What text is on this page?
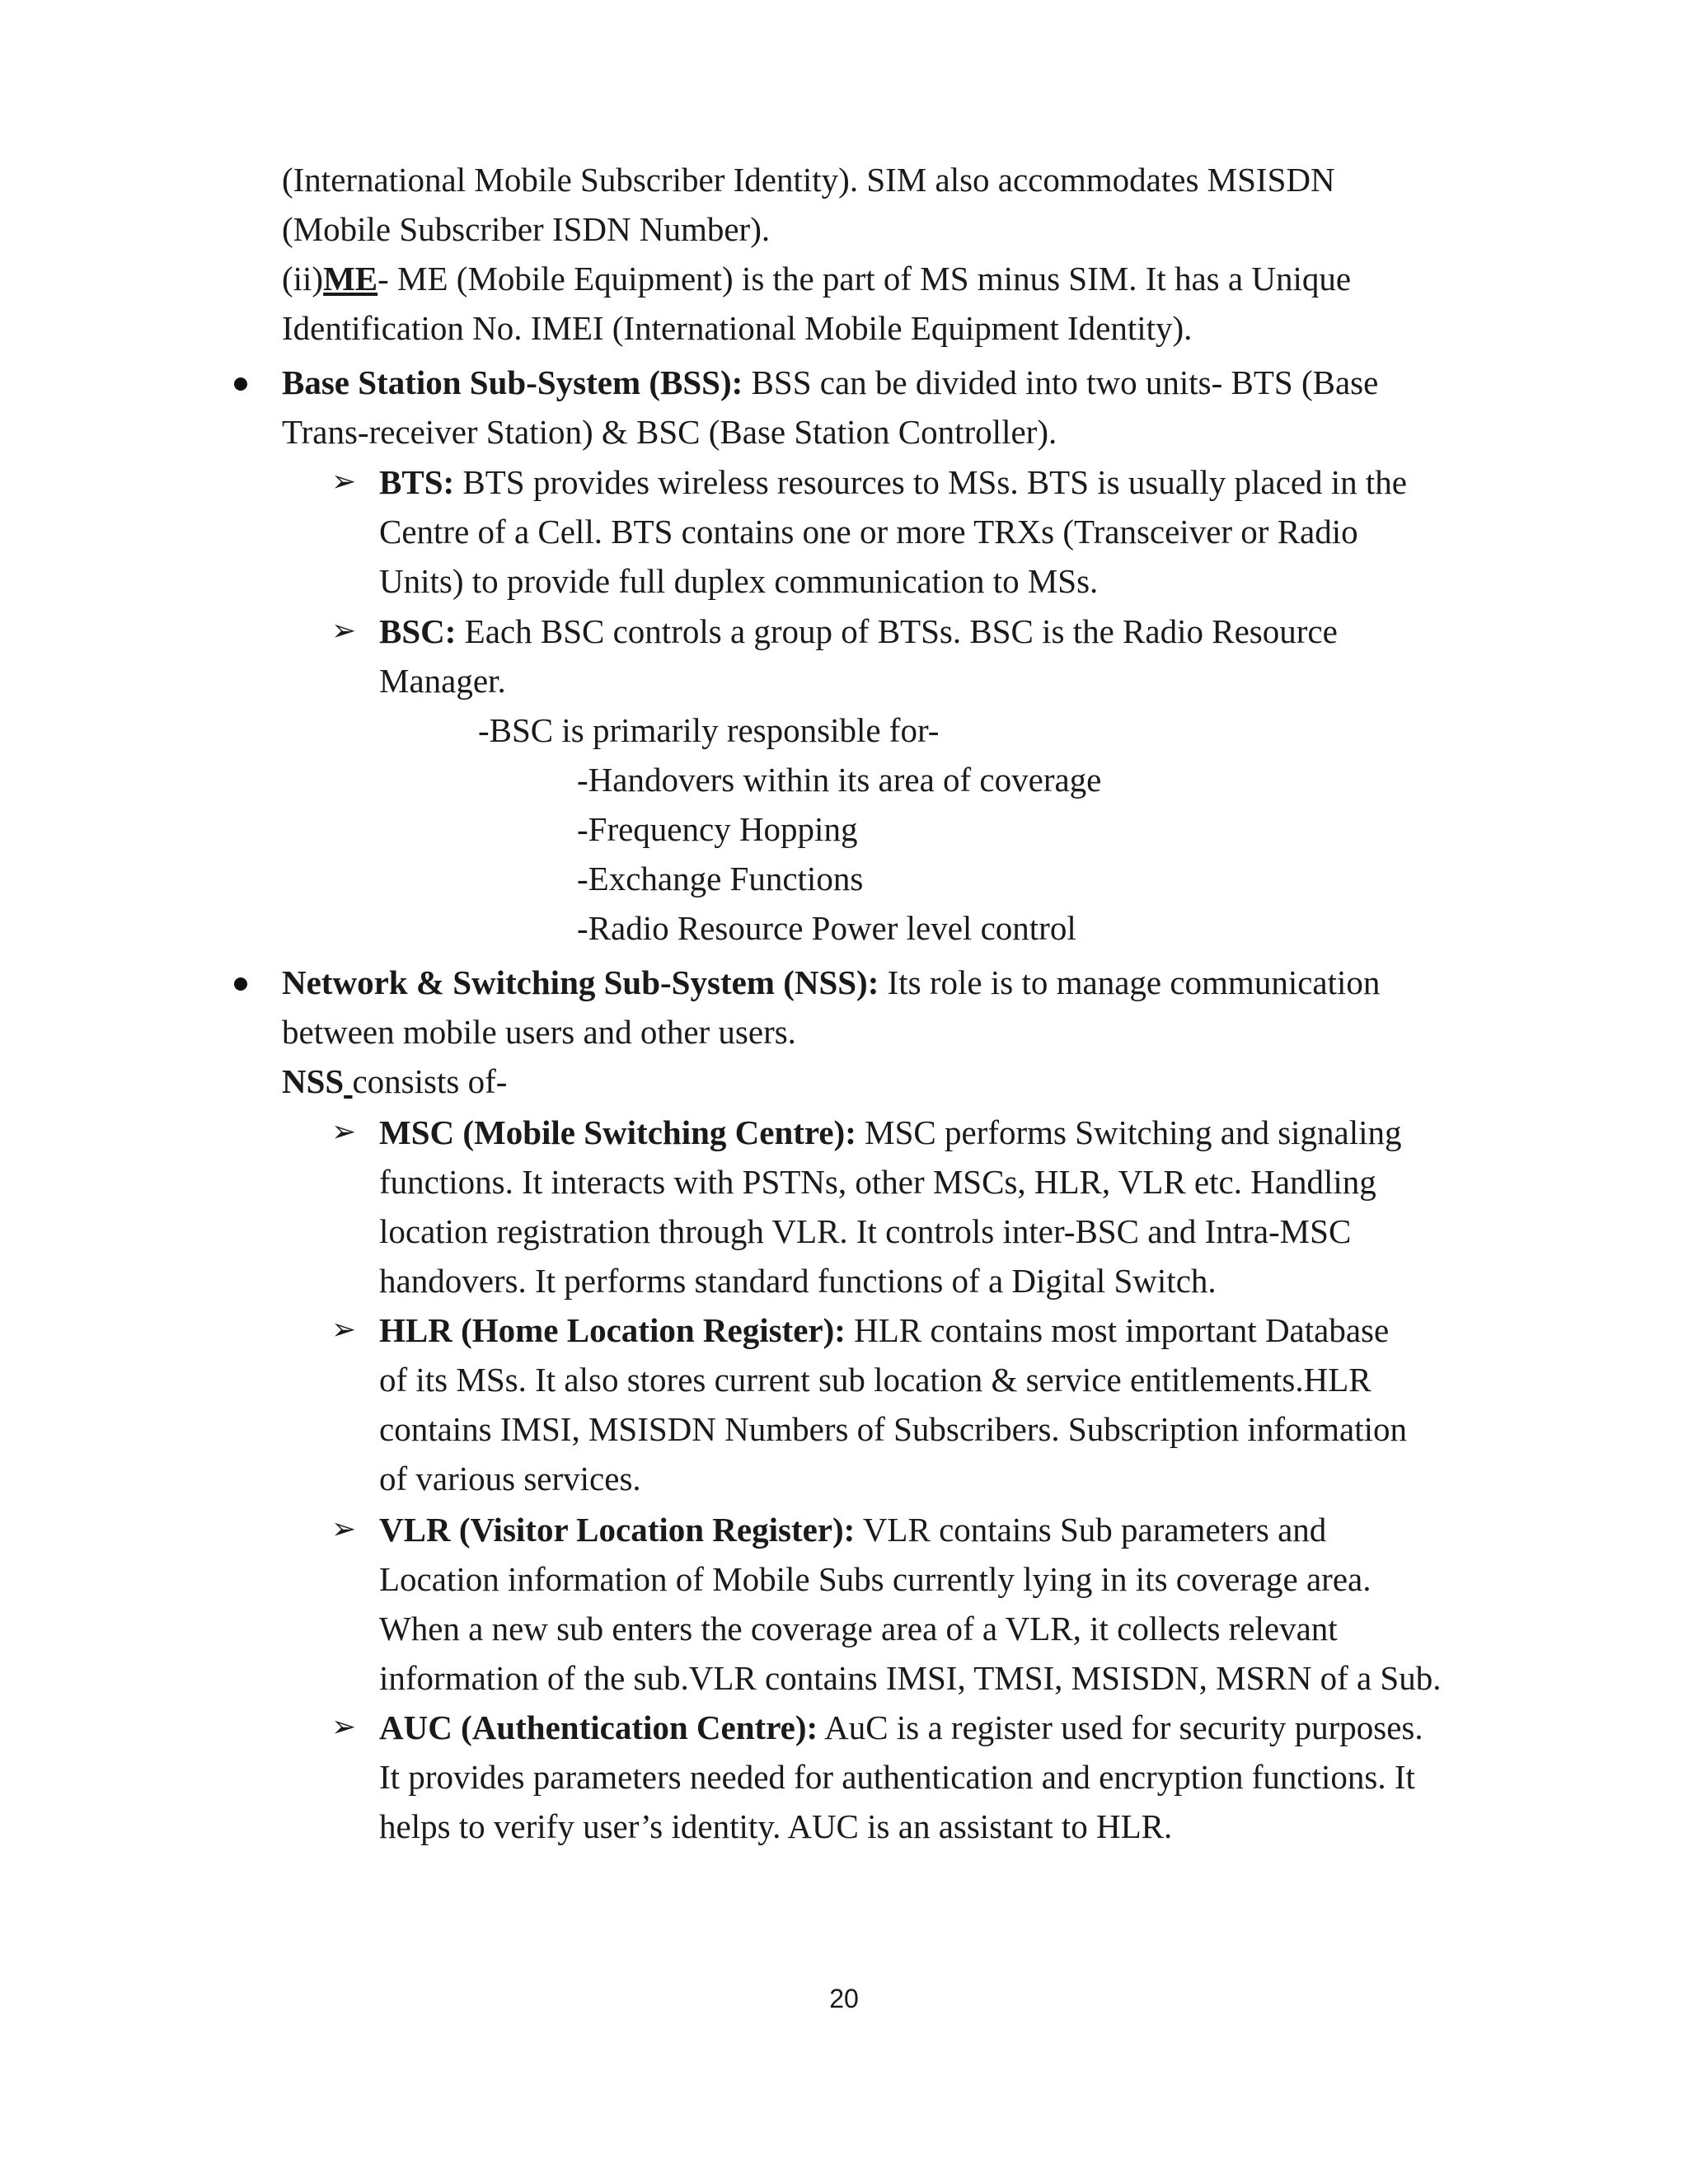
(International Mobile Subscriber Identity). SIM also accommodates MSISDN
(Mobile Subscriber ISDN Number).
(ii)ME- ME (Mobile Equipment) is the part of MS minus SIM. It has a Unique
Identification No. IMEI (International Mobile Equipment Identity).
Base Station Sub-System (BSS): BSS can be divided into two units- BTS (Base
Trans-receiver Station) & BSC (Base Station Controller).
➢ BTS: BTS provides wireless resources to MSs. BTS is usually placed in the
Centre of a Cell. BTS contains one or more TRXs (Transceiver or Radio
Units) to provide full duplex communication to MSs.
➢ BSC: Each BSC controls a group of BTSs. BSC is the Radio Resource
Manager.
-BSC is primarily responsible for-
-Handovers within its area of coverage
-Frequency Hopping
-Exchange Functions
-Radio Resource Power level control
Network & Switching Sub-System (NSS): Its role is to manage communication
between mobile users and other users.
NSS consists of-
➢ MSC (Mobile Switching Centre): MSC performs Switching and signaling
functions. It interacts with PSTNs, other MSCs, HLR, VLR etc. Handling
location registration through VLR. It controls inter-BSC and Intra-MSC
handovers. It performs standard functions of a Digital Switch.
➢ HLR (Home Location Register): HLR contains most important Database
of its MSs. It also stores current sub location & service entitlements.HLR
contains IMSI, MSISDN Numbers of Subscribers. Subscription information
of various services.
➢ VLR (Visitor Location Register): VLR contains Sub parameters and
Location information of Mobile Subs currently lying in its coverage area.
When a new sub enters the coverage area of a VLR, it collects relevant
information of the sub.VLR contains IMSI, TMSI, MSISDN, MSRN of a Sub.
➢ AUC (Authentication Centre): AuC is a register used for security purposes.
It provides parameters needed for authentication and encryption functions. It
helps to verify user’s identity. AUC is an assistant to HLR.
20
